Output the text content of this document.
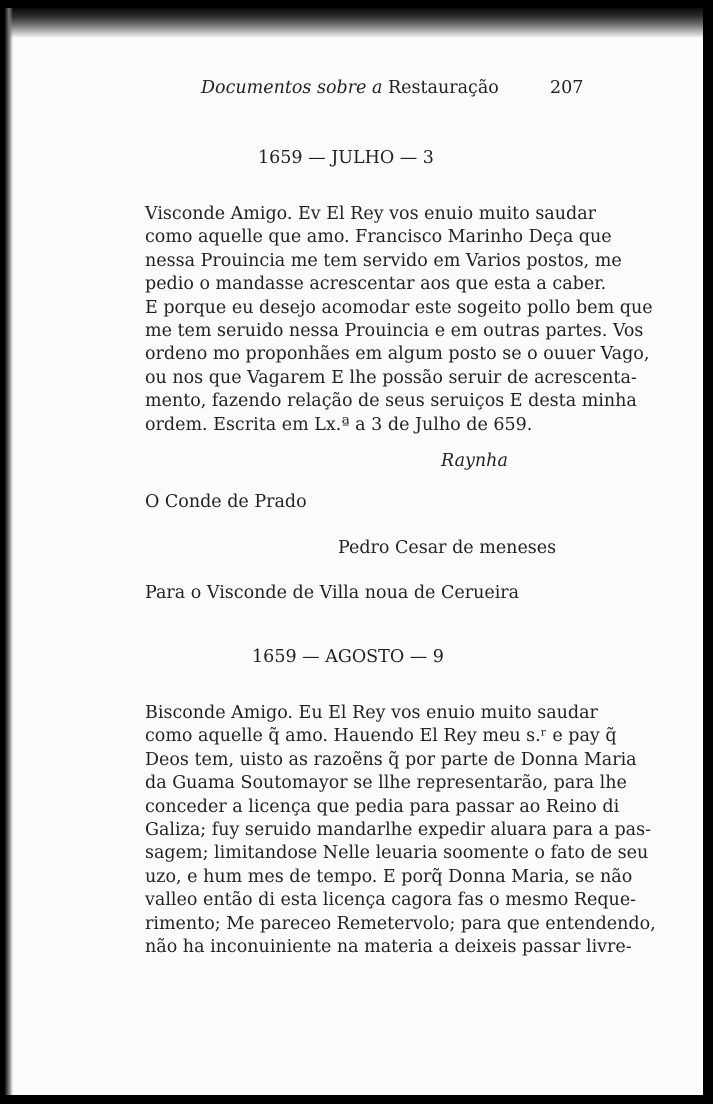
Documentos sobre a Restauração	207
1659 — JULHO — 3
Visconde Amigo. Ev El Rey vos enuio muito saudar
como aquelle que amo. Francisco Marinho Deça que
nessa Prouincia me tem servido em Varios postos, me
pedio o mandasse acrescentar aos que esta a caber.
E porque eu desejo acomodar este sogeito pollo bem que
me tem seruido nessa Prouincia e em outras partes. Vos
ordeno mo proponhães em algum posto se o ouuer Vago,
ou nos que Vagarem E lhe possão seruir de acrescenta-
mento, fazendo relação de seus seruiços E desta minha
ordem. Escrita em Lx.ª a 3 de Julho de 659.
Raynha
O Conde de Prado
Pedro Cesar de meneses
Para o Visconde de Villa noua de Cerueira
1659 — AGOSTO — 9
Bisconde Amigo. Eu El Rey vos enuio muito saudar
como aquelle q̃ amo. Hauendo El Rey meu s.ʳ e pay q̃
Deos tem, uisto as razoẽns q̃ por parte de Donna Maria
da Guama Soutomayor se llhe representarão, para lhe
conceder a licença que pedia para passar ao Reino di
Galiza; fuy seruido mandarlhe expedir aluara para a pas-
sagem; limitandose Nelle leuaria soomente o fato de seu
uzo, e hum mes de tempo. E porq̃ Donna Maria, se não
valleo então di esta licença cagora fas o mesmo Reque-
rimento; Me pareceo Remetervolo; para que entendendo,
não ha inconuiniente na materia a deixeis passar livre-
